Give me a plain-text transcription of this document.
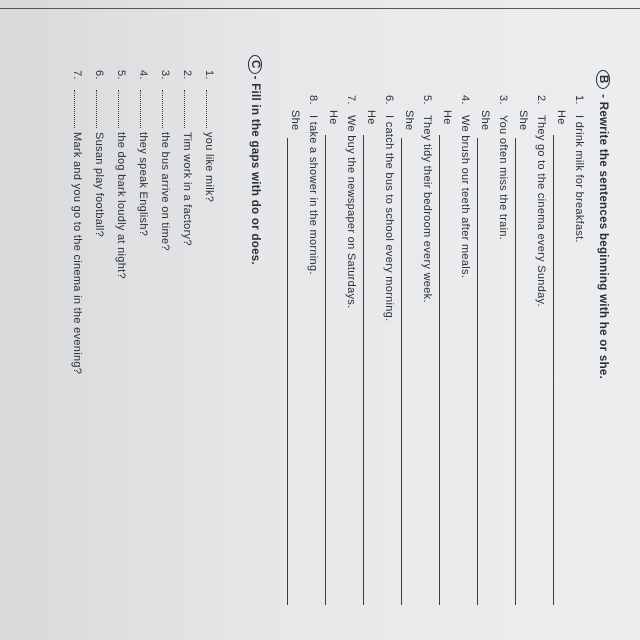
B - Rewrite the sentences beginning with he or she.
1.I drink milk for breakfast.
He
2.They go to the cinema every Sunday.
She
3.You often miss the train.
She
4.We brush our teeth after meals.
He
5.They tidy their bedroom every week.
She
6.I catch the bus to school every morning.
He
7.We buy the newspaper on Saturdays.
He
8.I take a shower in the morning.
She
C- Fill in the gaps with do or does.
1.you like milk?
2.Tim work in a factory?
3.the bus arrive on time?
4.they speak English?
5.the dog bark loudly at night?
6.Susan play football?
7.Mark and you go to the cinema in the evening?
